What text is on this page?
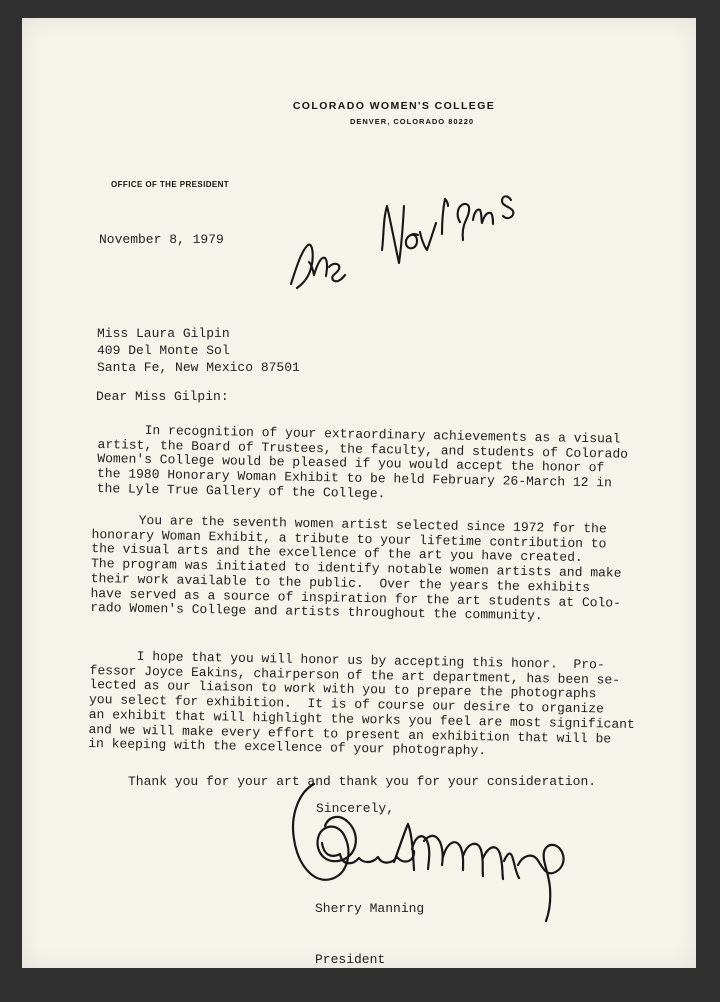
COLORADO WOMEN'S COLLEGE
DENVER, COLORADO 80220
OFFICE OF THE PRESIDENT
November 8, 1979
Miss Laura Gilpin
409 Del Monte Sol
Santa Fe, New Mexico 87501
Dear Miss Gilpin:
In recognition of your extraordinary achievements as a visual
artist, the Board of Trustees, the faculty, and students of Colorado
Women's College would be pleased if you would accept the honor of
the 1980 Honorary Woman Exhibit to be held February 26-March 12 in
the Lyle True Gallery of the College.
You are the seventh women artist selected since 1972 for the
honorary Woman Exhibit, a tribute to your lifetime contribution to
the visual arts and the excellence of the art you have created.
The program was initiated to identify notable women artists and make
their work available to the public.  Over the years the exhibits
have served as a source of inspiration for the art students at Colo-
rado Women's College and artists throughout the community.
I hope that you will honor us by accepting this honor.  Pro-
fessor Joyce Eakins, chairperson of the art department, has been se-
lected as our liaison to work with you to prepare the photographs
you select for exhibition.  It is of course our desire to organize
an exhibit that will highlight the works you feel are most significant
and we will make every effort to present an exhibition that will be
in keeping with the excellence of your photography.
Thank you for your art and thank you for your consideration.
Sincerely,

Sherry Manning

President
